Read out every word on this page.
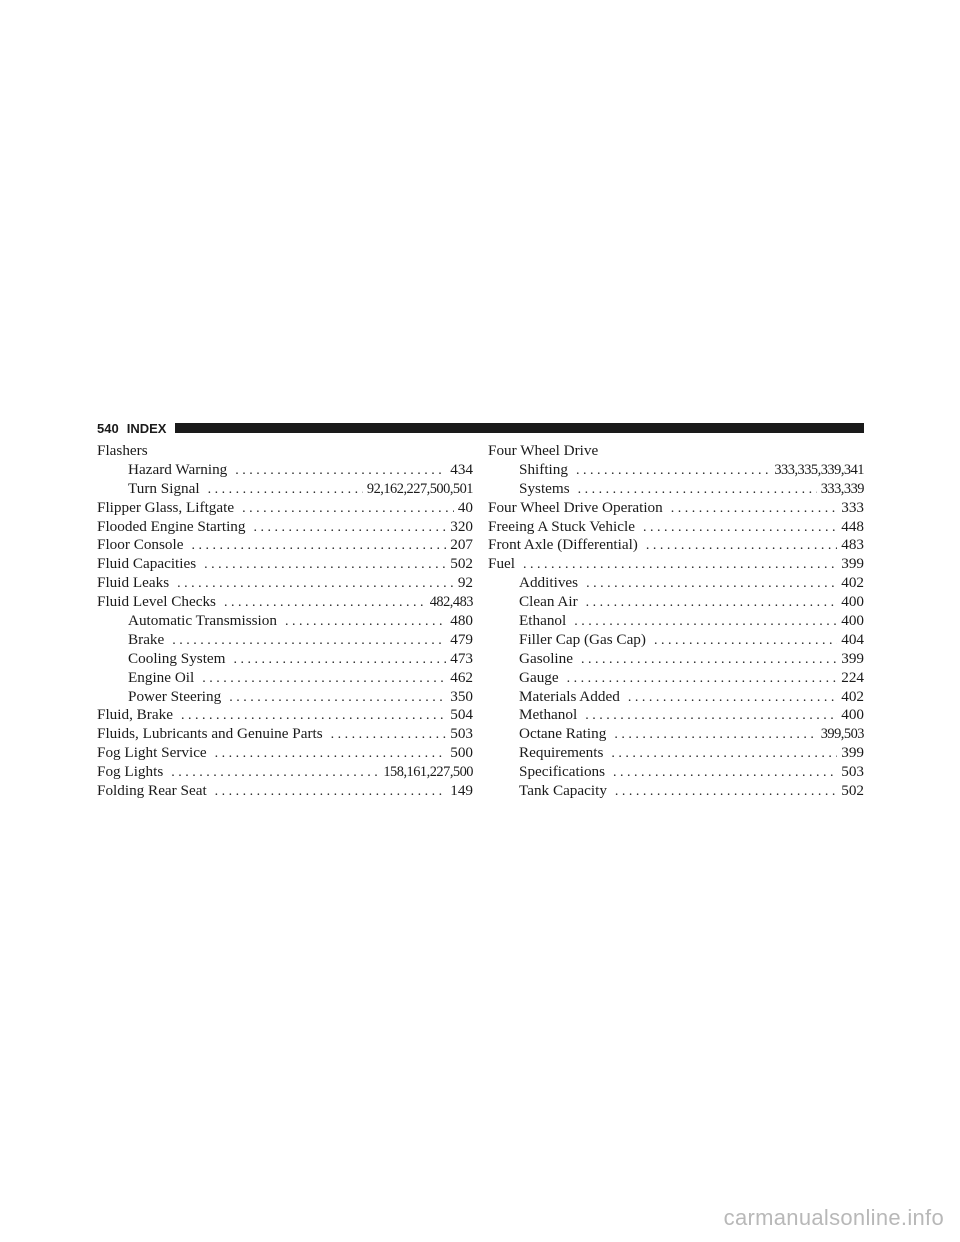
540 INDEX
Flashers
Hazard Warning . . .	434
Turn Signal . . .	92,162,227,500,501
Flipper Glass, Liftgate . . .	40
Flooded Engine Starting . . .	320
Floor Console . . .	207
Fluid Capacities . . .	502
Fluid Leaks . . .	92
Fluid Level Checks . . .	482,483
Automatic Transmission . . .	480
Brake . . .	479
Cooling System . . .	473
Engine Oil . . .	462
Power Steering . . .	350
Fluid, Brake . . .	504
Fluids, Lubricants and Genuine Parts . . .	503
Fog Light Service . . .	500
Fog Lights . . .	158,161,227,500
Folding Rear Seat . . .	149
Four Wheel Drive
Shifting . . .	333,335,339,341
Systems . . .	333,339
Four Wheel Drive Operation . . .	333
Freeing A Stuck Vehicle . . .	448
Front Axle (Differential) . . .	483
Fuel . . .	399
Additives . . .	402
Clean Air . . .	400
Ethanol . . .	400
Filler Cap (Gas Cap) . . .	404
Gasoline . . .	399
Gauge . . .	224
Materials Added . . .	402
Methanol . . .	400
Octane Rating . . .	399,503
Requirements . . .	399
Specifications . . .	503
Tank Capacity . . .	502
carmanualsonline.info
